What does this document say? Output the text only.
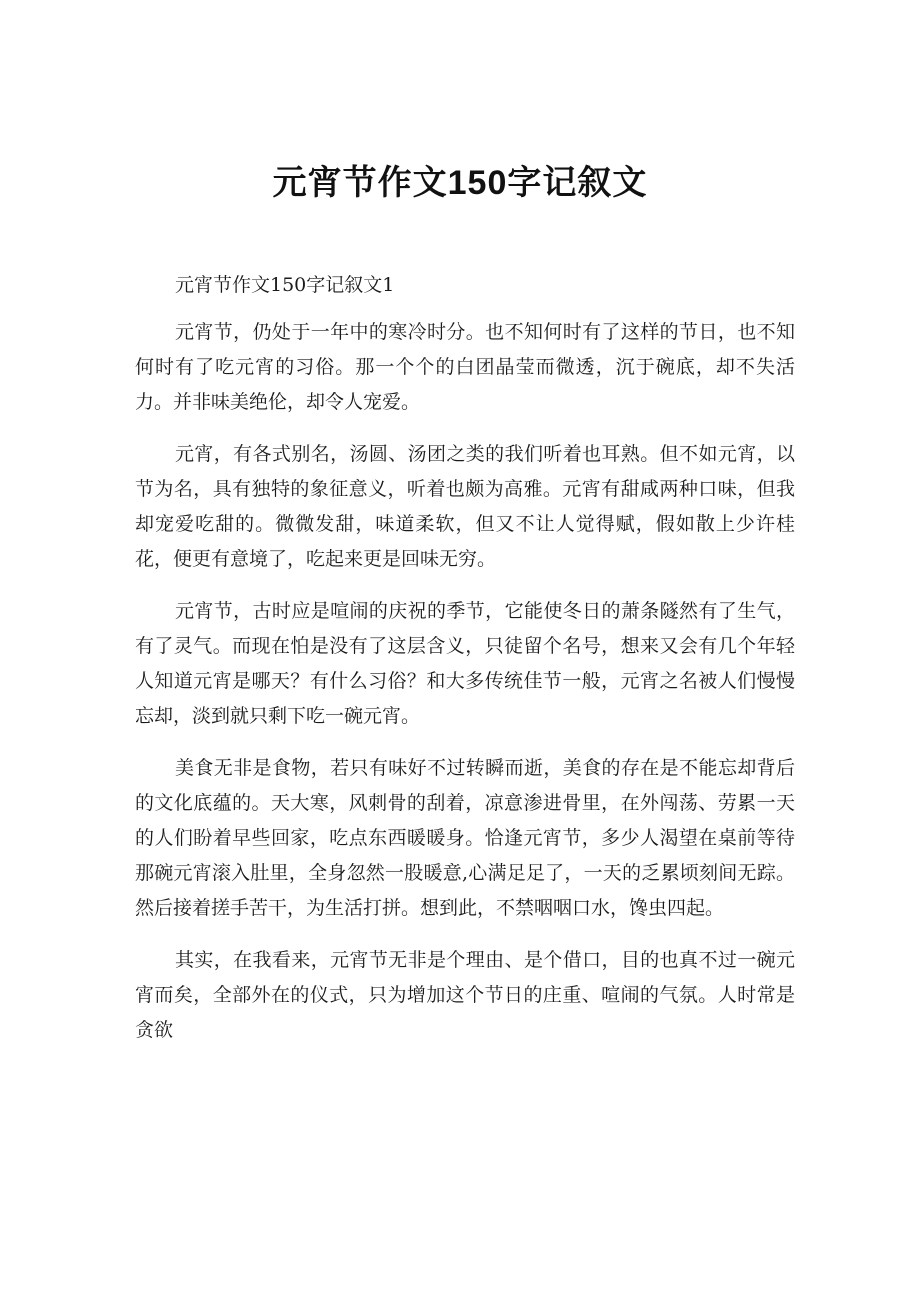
元宵节作文150字记叙文

元宵节作文150字记叙文1

元宵节，仍处于一年中的寒冷时分。也不知何时有了这样的节日，也不知何时有了吃元宵的习俗。那一个个的白团晶莹而微透，沉于碗底，却不失活力。并非味美绝伦，却令人宠爱。

元宵，有各式别名，汤圆、汤团之类的我们听着也耳熟。但不如元宵，以节为名，具有独特的象征意义，听着也颇为高雅。元宵有甜咸两种口味，但我却宠爱吃甜的。微微发甜，味道柔软，但又不让人觉得赋，假如散上少许桂花，便更有意境了，吃起来更是回味无穷。

元宵节，古时应是喧闹的庆祝的季节，它能使冬日的萧条隧然有了生气，有了灵气。而现在怕是没有了这层含义，只徒留个名号，想来又会有几个年轻人知道元宵是哪天？有什么习俗？和大多传统佳节一般，元宵之名被人们慢慢忘却，淡到就只剩下吃一碗元宵。

美食无非是食物，若只有味好不过转瞬而逝，美食的存在是不能忘却背后的文化底蕴的。天大寒，风刺骨的刮着，凉意渗进骨里，在外闯荡、劳累一天的人们盼着早些回家，吃点东西暖暖身。恰逢元宵节，多少人渴望在桌前等待那碗元宵滚入肚里，全身忽然一股暖意,心满足足了，一天的乏累顷刻间无踪。然后接着搓手苦干，为生活打拼。想到此，不禁咽咽口水，馋虫四起。

其实，在我看来，元宵节无非是个理由、是个借口，目的也真不过一碗元宵而矣，全部外在的仪式，只为增加这个节日的庄重、喧闹的气氛。人时常是贪欲
